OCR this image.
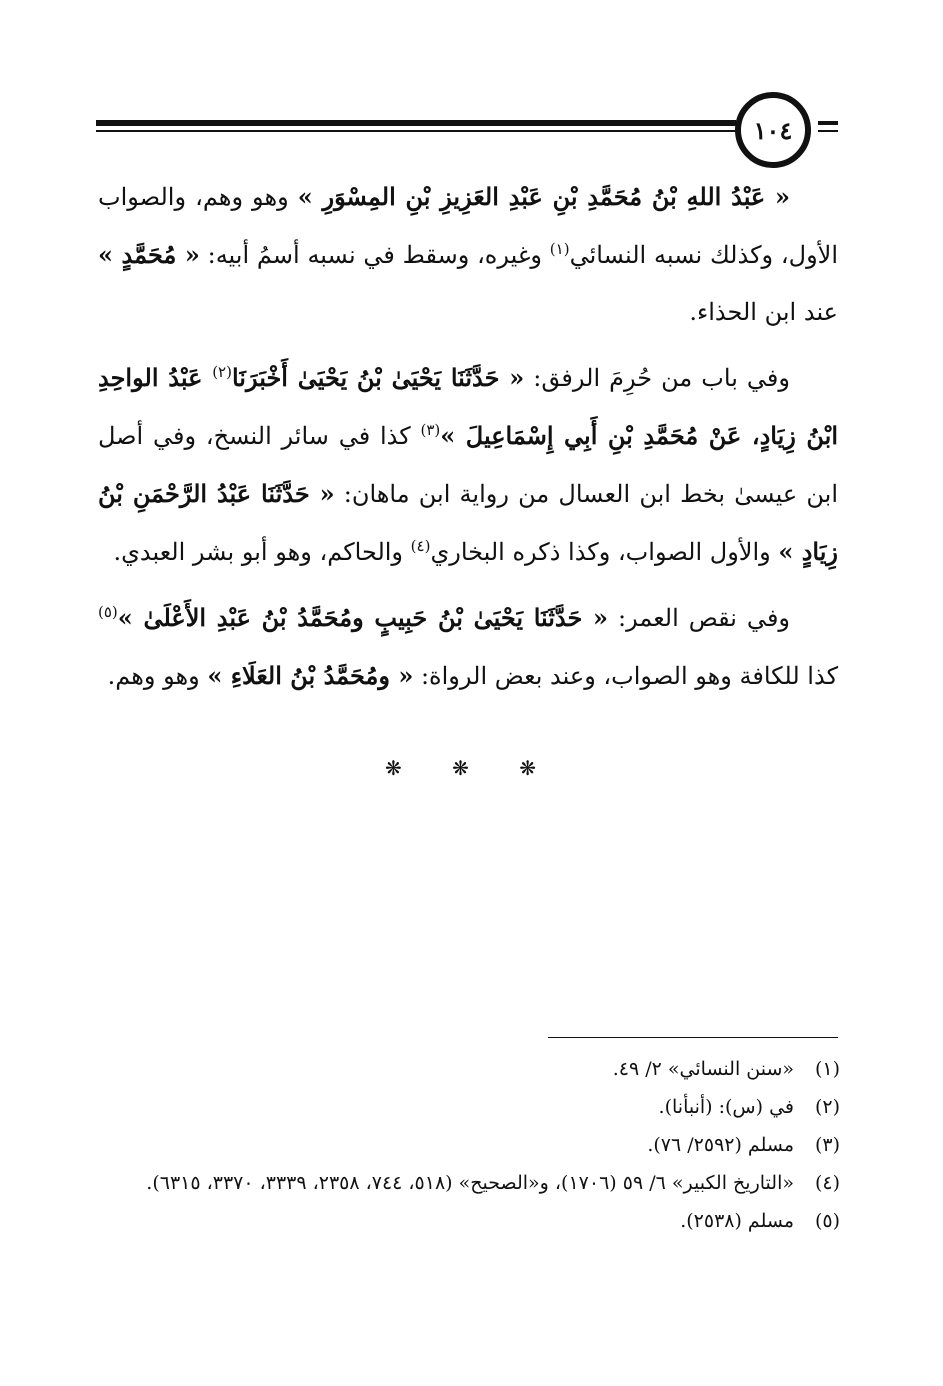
١٠٤

« عَبْدُ اللهِ بْنُ مُحَمَّدِ بْنِ عَبْدِ العَزِيزِ بْنِ المِسْوَرِ » وهو وهم، والصواب الأول، وكذلك نسبه النسائي$^{(١)}$ وغيره، وسقط في نسبه أسمُ أبيه: « مُحَمَّدٍ » عند ابن الحذاء.

وفي باب من حُرِمَ الرفق: « حَدَّثَنَا يَحْيَىٰ بْنُ يَحْيَىٰ أَخْبَرَنَا$^{(٢)}$ عَبْدُ الواحِدِ ابْنُ زِيَادٍ، عَنْ مُحَمَّدِ بْنِ أَبِي إِسْمَاعِيلَ »$^{(٣)}$ كذا في سائر النسخ، وفي أصل ابن عيسىٰ بخط ابن العسال من رواية ابن ماهان: « حَدَّثَنَا عَبْدُ الرَّحْمَنِ بْنُ زِيَادٍ » والأول الصواب، وكذا ذكره البخاري$^{(٤)}$ والحاكم، وهو أبو بشر العبدي.

وفي نقص العمر: « حَدَّثَنَا يَحْيَىٰ بْنُ حَبِيبٍ ومُحَمَّدُ بْنُ عَبْدِ الأَعْلَىٰ »$^{(٥)}$ كذا للكافة وهو الصواب، وعند بعض الرواة: « ومُحَمَّدُ بْنُ العَلَاءِ » وهو وهم.

❋ ❋ ❋
(١)
«سنن النسائي» ٢/ ٤٩.
(٢)
في (س): (أنبأنا).
(٣)
مسلم (٢٥٩٢/ ٧٦).
(٤)
«التاريخ الكبير» ٦/ ٥٩ (١٧٠٦)، و«الصحيح» (٥١٨، ٧٤٤، ٢٣٥٨، ٣٣٣٩، ٣٣٧٠، ٦٣١٥).
(٥)
مسلم (٢٥٣٨).
